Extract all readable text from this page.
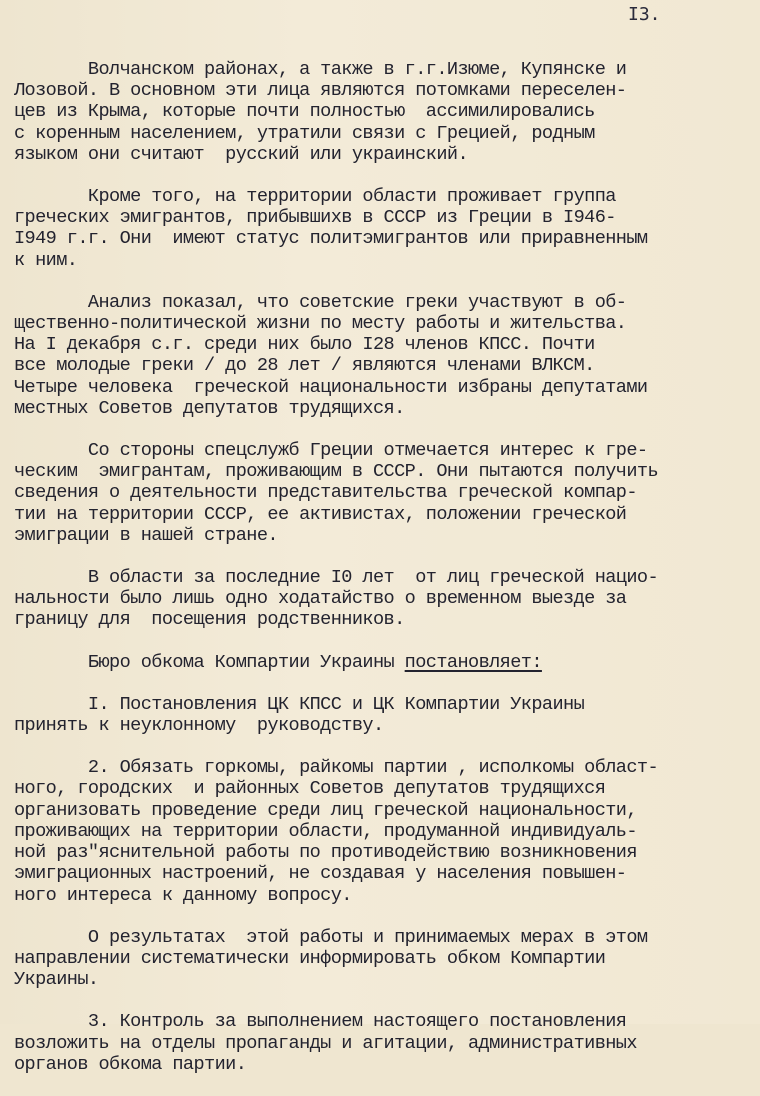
I3.

Волчанском районах, а также в г.г.Изюме, Купянске и
Лозовой. В основном эти лица являются потомками переселен-
цев из Крыма, которые почти полностью  ассимилировались
с коренным населением, утратили связи с Грецией, родным
языком они считают  русский или украинский.
Кроме того, на территории области проживает группа
греческих эмигрантов, прибывшихв в СССР из Греции в I946-
I949 г.г. Они  имеют статус политэмигрантов или приравненным
к ним.
Анализ показал, что советские греки участвуют в об-
щественно-политической жизни по месту работы и жительства.
На I декабря с.г. среди них было I28 членов КПСС. Почти
все молодые греки / до 28 лет / являются членами ВЛКСМ.
Четыре человека  греческой национальности избраны депутатами
местных Советов депутатов трудящихся.
Со стороны спецслужб Греции отмечается интерес к гре-
ческим  эмигрантам, проживающим в СССР. Они пытаются получить
сведения о деятельности представительства греческой компар-
тии на территории СССР, ее активистах, положении греческой
эмиграции в нашей стране.
В области за последние I0 лет  от лиц греческой нацио-
нальности было лишь одно ходатайство о временном выезде за
границу для  посещения родственников.
Бюро обкома Компартии Украины постановляет:
I. Постановления ЦК КПСС и ЦК Компартии Украины
принять к неуклонному  руководству.
2. Обязать горкомы, райкомы партии , исполкомы област-
ного, городских  и районных Советов депутатов трудящихся
организовать проведение среди лиц греческой национальности,
проживающих на территории области, продуманной индивидуаль-
ной раз"яснительной работы по противодействию возникновения
эмиграционных настроений, не создавая у населения повышен-
ного интереса к данному вопросу.
О результатах  этой работы и принимаемых мерах в этом
направлении систематически информировать обком Компартии
Украины.
3. Контроль за выполнением настоящего постановления
возложить на отделы пропаганды и агитации, административных
органов обкома партии.
